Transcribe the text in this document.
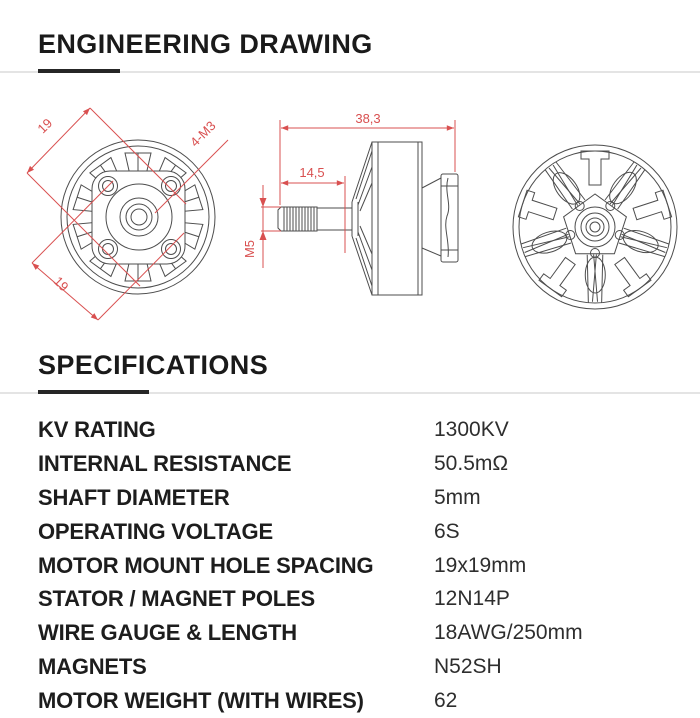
ENGINEERING DRAWING
19
19
4-M3	38,3
14,5
M5
SPECIFICATIONS
KV RATING	1300KV
INTERNAL RESISTANCE	50.5mΩ
SHAFT DIAMETER	5mm
OPERATING VOLTAGE	6S
MOTOR MOUNT HOLE SPACING	19x19mm
STATOR / MAGNET POLES	12N14P
WIRE GAUGE & LENGTH	18AWG/250mm
MAGNETS	N52SH
MOTOR WEIGHT (WITH WIRES)	62
